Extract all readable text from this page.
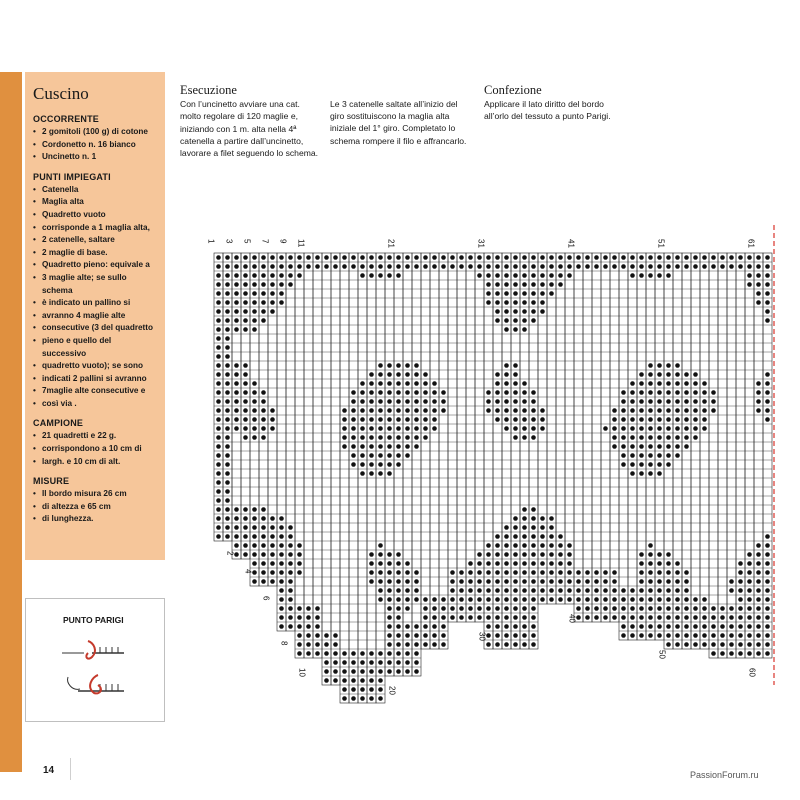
Cuscino
OCCORRENTE
• 2 gomitoli (100 g) di cotone
• Cordonetto n. 16 bianco
• Uncinetto n. 1
PUNTI IMPIEGATI
• Catenella
• Maglia alta
• Quadretto vuoto
• corrisponde a 1 maglia alta,
• 2 catenelle, saltare
• 2 maglie di base.
• Quadretto pieno: equivale a
• 3 maglie alte; se sullo schema
• è indicato un pallino si
• avranno 4 maglie alte
• consecutive (3 del quadretto
• pieno e quello del successivo
• quadretto vuoto); se sono
• indicati 2 pallini si avranno
• 7maglie alte consecutive e
• così via .
CAMPIONE
• 21 quadretti e 22 g.
• corrispondono a 10 cm di
• largh. e 10 cm di alt.
MISURE
• Il bordo misura 26 cm
• di altezza e 65 cm
• di lunghezza.
PUNTO PARIGI
Esecuzione

Con l’uncinetto avviare una cat. molto regolare di 120 maglie e, iniziando con 1 m. alta nella 4ª catenella a partire dall’uncinetto, lavorare a filet seguendo lo schema.

Le 3 catenelle saltate all’inizio del giro sostituiscono la maglia alta iniziale del 1° giro. Completato lo schema rompere il filo e affrancarlo.

Confezione

Applicare il lato diritto del bordo all’orlo del tessuto a punto Parigi.

1 3 5 7 9 11	21	31	41	51	61
2
4
6
8
10
20
30
40
50
60
14	PassionForum.ru
